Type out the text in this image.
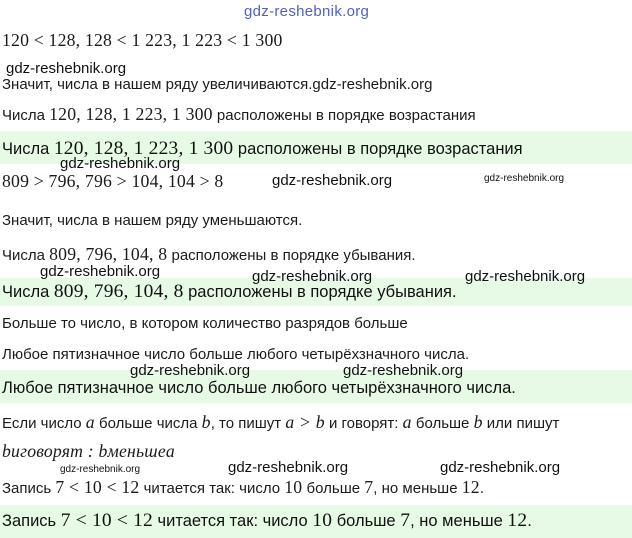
gdz-reshebnik.org
120 < 128, 128 < 1 223, 1 223 < 1 300
gdz-reshebnik.org
Значит, числа в нашем ряду увеличиваются.gdz-reshebnik.org
Числа 120, 128, 1 223, 1 300 расположены в порядке возрастания
Числа 120, 128, 1 223, 1 300 расположены в порядке возрастания
gdz-reshebnik.org
809 > 796, 796 > 104, 104 > 8	gdz-reshebnik.org	gdz-reshebnik.org
Значит, числа в нашем ряду уменьшаются.
Числа 809, 796, 104, 8 расположены в порядке убывания.
gdz-reshebnik.org	gdz-reshebnik.org	gdz-reshebnik.org
Числа 809, 796, 104, 8 расположены в порядке убывания.
Больше то число, в котором количество разрядов больше
Любое пятизначное число больше любого четырёхзначного числа.
gdz-reshebnik.org	gdz-reshebnik.org
Любое пятизначное число больше любого четырёхзначного числа.
Если число a больше числа b, то пишут a > b и говорят: a больше b или пишут
bиговорят : bменьшеa
gdz-reshebnik.org	gdz-reshebnik.org	gdz-reshebnik.org
Запись 7 < 10 < 12 читается так: число 10 больше 7, но меньше 12.
Запись 7 < 10 < 12 читается так: число 10 больше 7, но меньше 12.
